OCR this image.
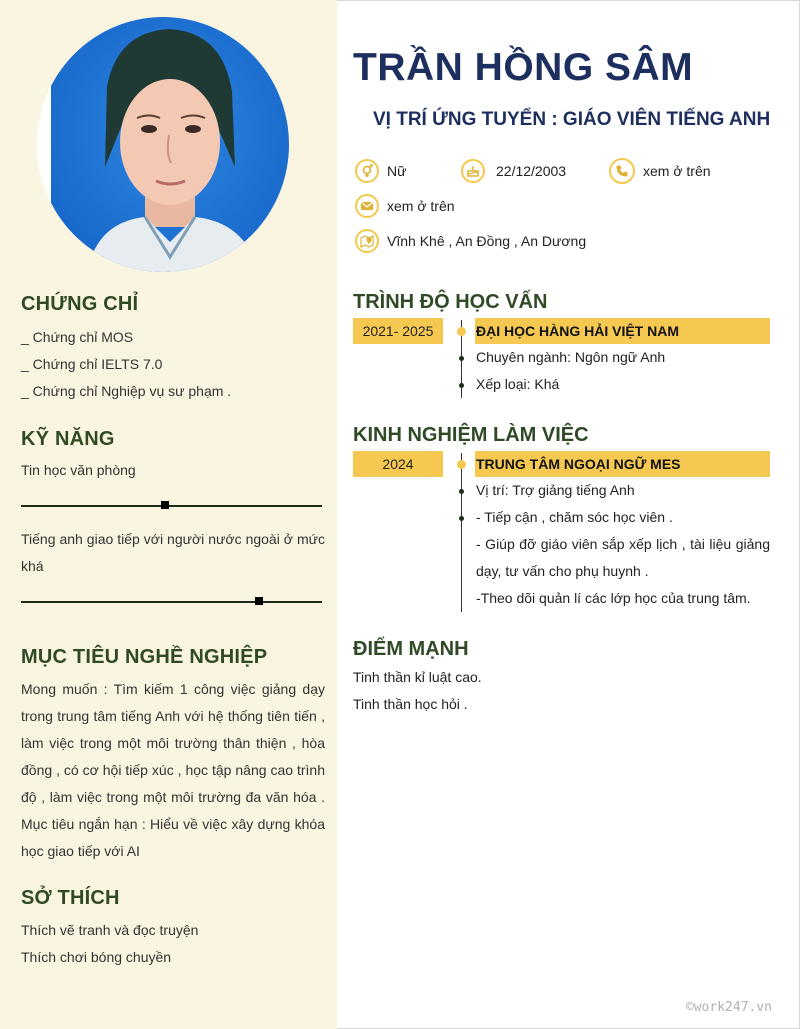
CHỨNG CHỈ
_ Chứng chỉ MOS
_ Chứng chỉ IELTS 7.0
_ Chứng chỉ Nghiệp vụ sư phạm .
KỸ NĂNG
Tin học văn phòng
Tiếng anh giao tiếp với người nước ngoài ở mức khá
MỤC TIÊU NGHỀ NGHIỆP
Mong muốn : Tìm kiếm 1 công việc giảng dạy trong trung tâm tiếng Anh với hệ thống tiên tiến , làm việc trong một môi trường thân thiện , hòa đồng , có cơ hội tiếp xúc , học tập nâng cao trình độ , làm việc trong một môi trường đa văn hóa . Mục tiêu ngắn hạn : Hiểu về việc xây dựng khóa học giao tiếp với AI
SỞ THÍCH
Thích vẽ tranh và đọc truyện
Thích chơi bóng chuyền
TRẦN HỒNG SÂM
VỊ TRÍ ỨNG TUYỂN : GIÁO VIÊN TIẾNG ANH
Nữ	22/12/2003	xem ở trên
xem ở trên
Vĩnh Khê , An Đồng , An Dương
TRÌNH ĐỘ HỌC VẤN
2021- 2025	ĐẠI HỌC HÀNG HẢI VIỆT NAM
Chuyên ngành: Ngôn ngữ Anh
Xếp loại: Khá
KINH NGHIỆM LÀM VIỆC
2024	TRUNG TÂM NGOẠI NGỮ MES
Vị trí: Trợ giảng tiếng Anh
- Tiếp cận , chăm sóc học viên .
- Giúp đỡ giáo viên sắp xếp lịch , tài liệu giảng dạy, tư vấn cho phụ huynh .
-Theo dõi quản lí các lớp học của trung tâm.
ĐIỂM MẠNH
Tinh thần kỉ luật cao.
Tinh thần học hỏi .
©work247.vn
